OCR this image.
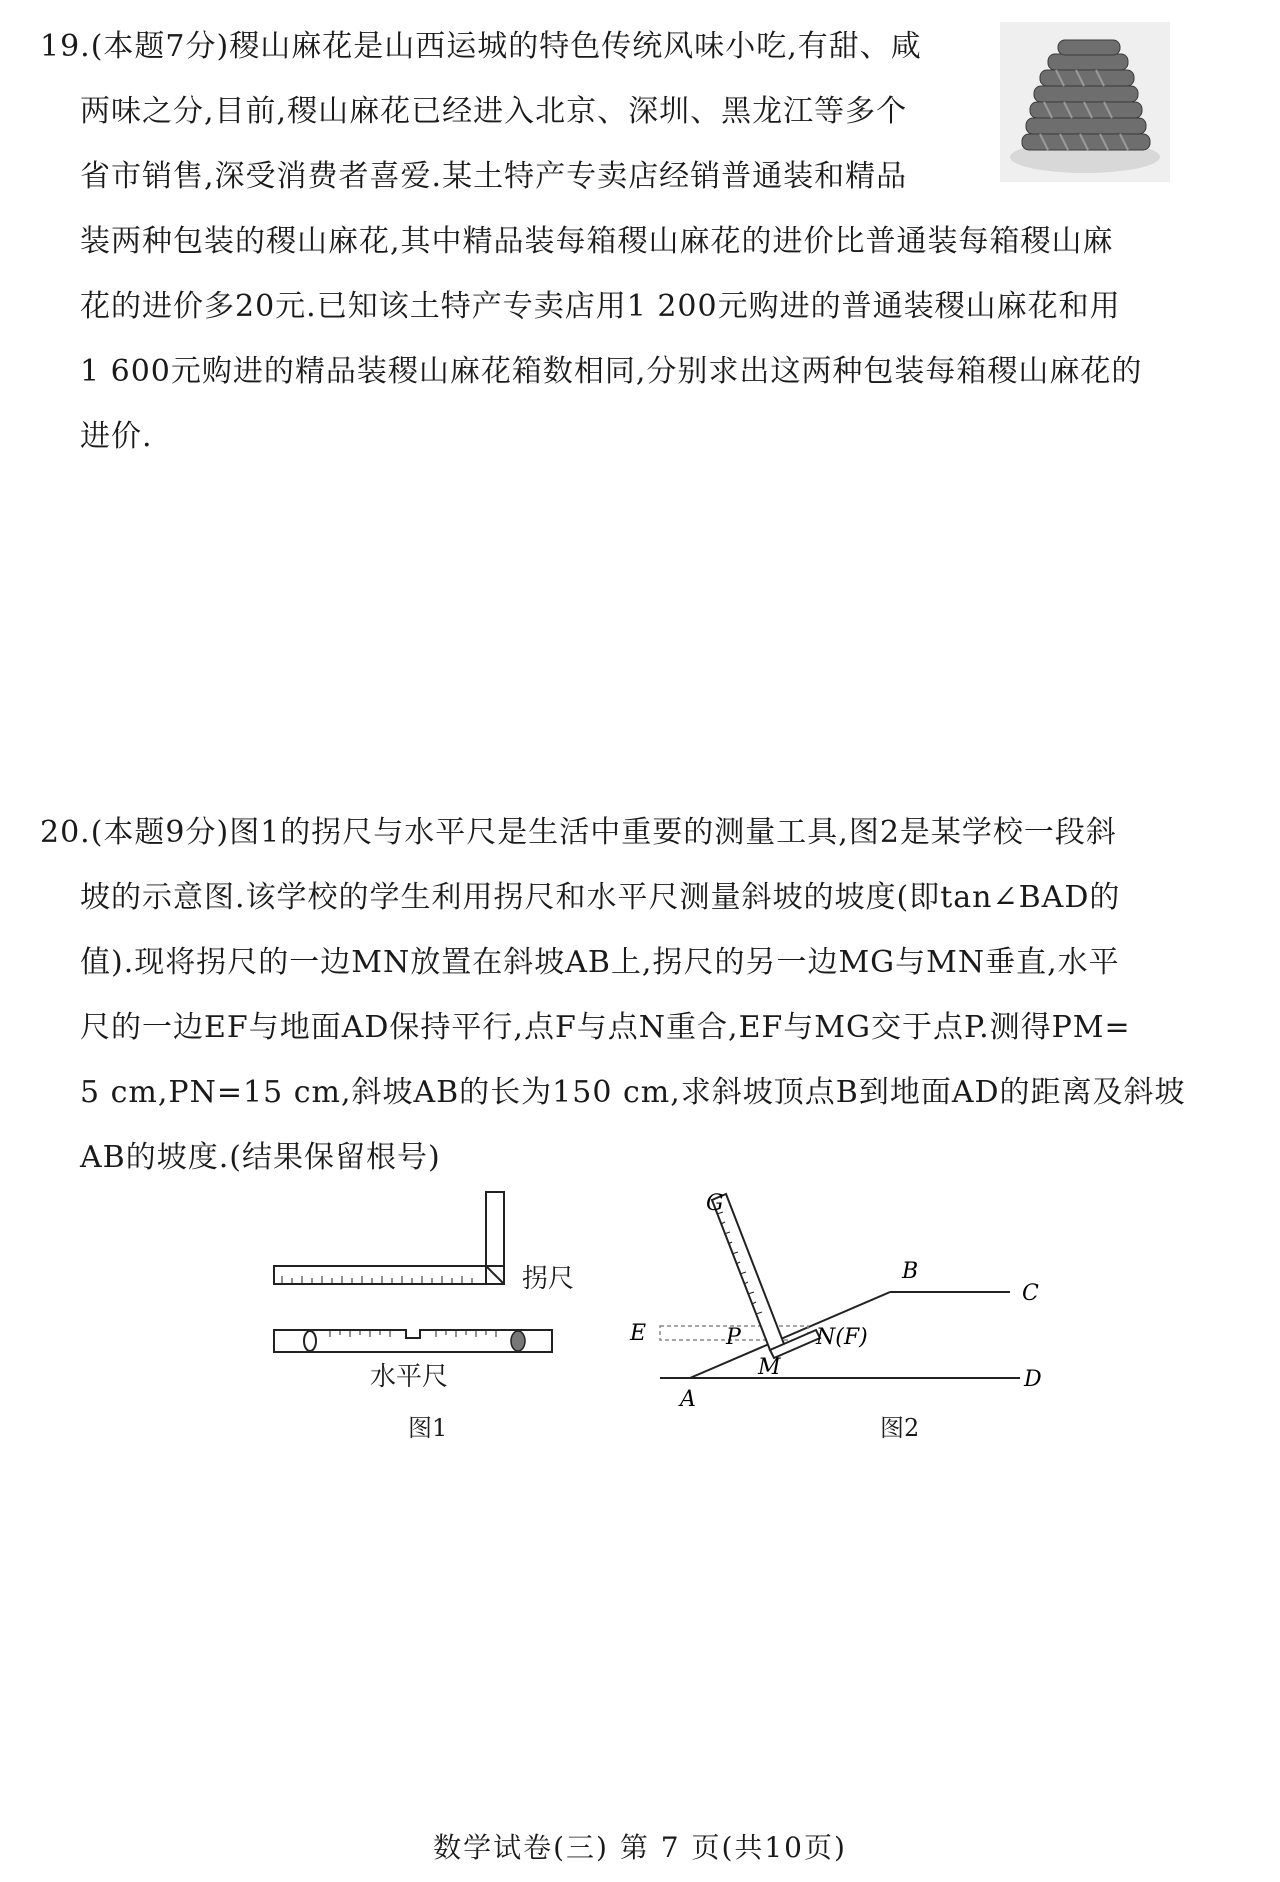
19.(本题7分)稷山麻花是山西运城的特色传统风味小吃,有甜、咸
两味之分,目前,稷山麻花已经进入北京、深圳、黑龙江等多个
省市销售,深受消费者喜爱.某土特产专卖店经销普通装和精品
装两种包装的稷山麻花,其中精品装每箱稷山麻花的进价比普通装每箱稷山麻
花的进价多20元.已知该土特产专卖店用1 200元购进的普通装稷山麻花和用
1 600元购进的精品装稷山麻花箱数相同,分别求出这两种包装每箱稷山麻花的
进价.
20.(本题9分)图1的拐尺与水平尺是生活中重要的测量工具,图2是某学校一段斜
坡的示意图.该学校的学生利用拐尺和水平尺测量斜坡的坡度(即tan∠BAD的
值).现将拐尺的一边MN放置在斜坡AB上,拐尺的另一边MG与MN垂直,水平
尺的一边EF与地面AD保持平行,点F与点N重合,EF与MG交于点P.测得PM=
5 cm,PN=15 cm,斜坡AB的长为150 cm,求斜坡顶点B到地面AD的距离及斜坡
AB的坡度.(结果保留根号)
拐尺
水平尺
图1
G
B
C
E	P	N(F)
M
A
D
图2
数学试卷(三) 第 7 页(共10页)
